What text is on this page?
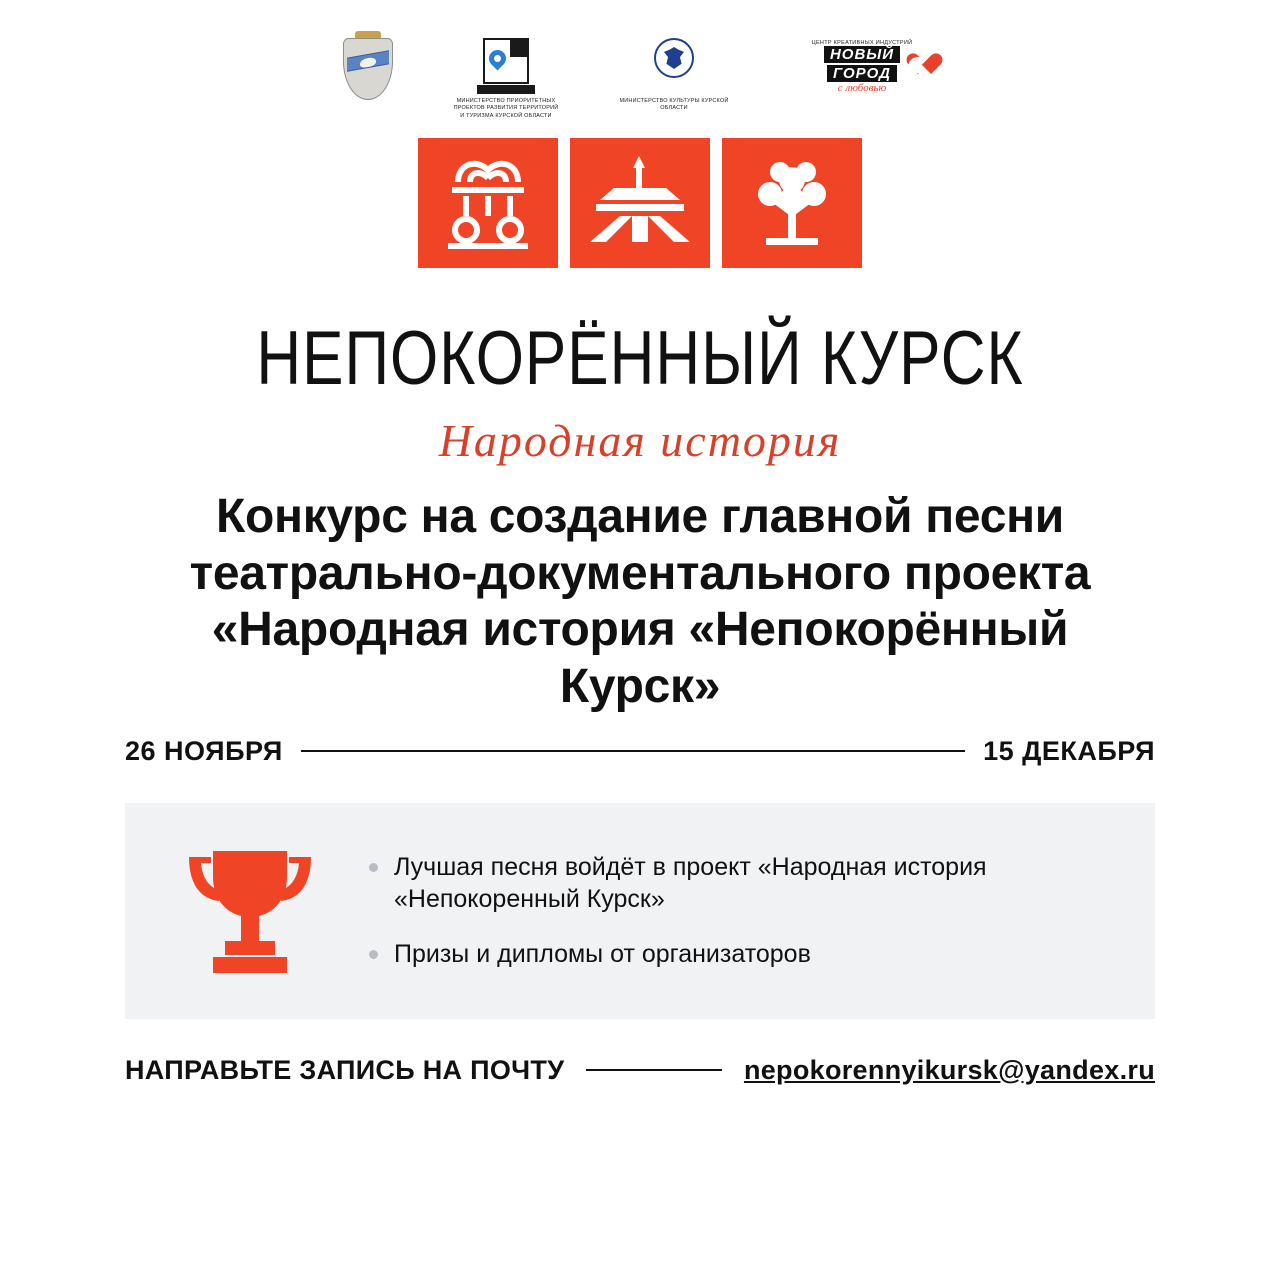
МИНИСТЕРСТВО ПРИОРИТЕТНЫХ ПРОЕКТОВ РАЗВИТИЯ ТЕРРИТОРИЙ И ТУРИЗМА КУРСКОЙ ОБЛАСТИ
МИНИСТЕРСТВО КУЛЬТУРЫ КУРСКОЙ ОБЛАСТИ
ЦЕНТР КРЕАТИВНЫХ ИНДУСТРИЙ
НОВЫЙ
ГОРОД
с любовью
НЕПОКОРЁННЫЙ КУРСК
Народная история
Конкурс на создание главной песни театрально-документального проекта «Народная история «Непокорённый Курск»
26 НОЯБРЯ	15 ДЕКАБРЯ
Лучшая песня войдёт в проект «Народная история «Непокоренный Курск»
Призы и дипломы от организаторов
НАПРАВЬТЕ ЗАПИСЬ НА ПОЧТУ	nepokorennyikursk@yandex.ru
